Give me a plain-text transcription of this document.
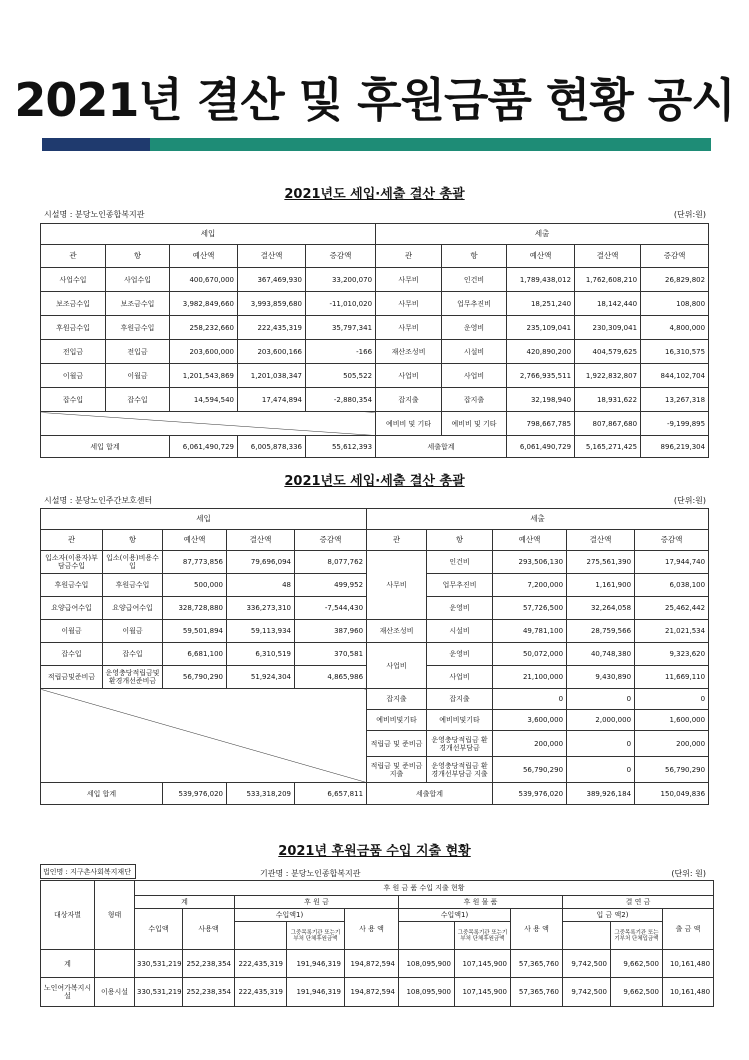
2021년 결산 및 후원금품 현황 공시
2021년도 세입·세출 결산 총괄
시설명 : 분당노인종합복지관	(단위:원)
세입					세출				
관	항	예산액	결산액	증감액	관	항	예산액	결산액	증감액
사업수입	사업수입	400,670,000	367,469,930	33,200,070	사무비	인건비	1,789,438,012	1,762,608,210	26,829,802
보조금수입	보조금수입	3,982,849,660	3,993,859,680	-11,010,020	사무비	업무추진비	18,251,240	18,142,440	108,800
후원금수입	후원금수입	258,232,660	222,435,319	35,797,341	사무비	운영비	235,109,041	230,309,041	4,800,000
전입금	전입금	203,600,000	203,600,166	-166	재산조성비	시설비	420,890,200	404,579,625	16,310,575
이월금	이월금	1,201,543,869	1,201,038,347	505,522	사업비	사업비	2,766,935,511	1,922,832,807	844,102,704
잡수입	잡수입	14,594,540	17,474,894	-2,880,354	잡지출	잡지출	32,198,940	18,931,622	13,267,318
					예비비 및 기타	예비비 및 기타	798,667,785	807,867,680	-9,199,895
세입 합계		6,061,490,729	6,005,878,336	55,612,393	세출합계		6,061,490,729	5,165,271,425	896,219,304
2021년도 세입·세출 결산 총괄
시설명 : 분당노인주간보호센터	(단위:원)
세입					세출				
관	항	예산액	결산액	증감액	관	항	예산액	결산액	증감액
입소자(이용자)부담금수입	입소(이용)비용수입	87,773,856	79,696,094	8,077,762	사무비	인건비	293,506,130	275,561,390	17,944,740
후원금수입	후원금수입	500,000	48	499,952		업무추진비	7,200,000	1,161,900	6,038,100
요양급여수입	요양급여수입	328,728,880	336,273,310	-7,544,430		운영비	57,726,500	32,264,058	25,462,442
이월금	이월금	59,501,894	59,113,934	387,960	재산조성비	시설비	49,781,100	28,759,566	21,021,534
잡수입	잡수입	6,681,100	6,310,519	370,581	사업비	운영비	50,072,000	40,748,380	9,323,620
적립금및준비금	운영충당적립금및환경개선준비금	56,790,290	51,924,304	4,865,986		사업비	21,100,000	9,430,890	11,669,110
					잡지출	잡지출	0	0	0
					예비비및기타	예비비및기타	3,600,000	2,000,000	1,600,000
					적립금 및 준비금	운영충당적립금 환경개선부담금	200,000	0	200,000
					적립금 및 준비금 지출	운영충당적립금 환경개선부담금 지출	56,790,290	0	56,790,290
세입 합계		539,976,020	533,318,209	6,657,811	세출합계		539,976,020	389,926,184	150,049,836
2021년 후원금품 수입 지출 현황
법인명 : 지구촌사회복지재단	기관명 : 분당노인종합복지관	(단위: 원)
대상자별	형태	후 원 금 품 수입 지출 현황										
		계		후 원 금			후 원 물 품			결 연 금		
		수입액	사용액	수입액1)		사 용 액	수입액1)		사 용 액	입 금 액2)		출 금 액
					그중목록기관 또는기부처 단체후원금액			그중목록기관 또는기부처 단체후원금액			그중목록기관 또는기부처 단체입금액	
계		330,531,219	252,238,354	222,435,319	191,946,319	194,872,594	108,095,900	107,145,900	57,365,760	9,742,500	9,662,500	10,161,480
노인여가복지시설	이용시설	330,531,219	252,238,354	222,435,319	191,946,319	194,872,594	108,095,900	107,145,900	57,365,760	9,742,500	9,662,500	10,161,480
